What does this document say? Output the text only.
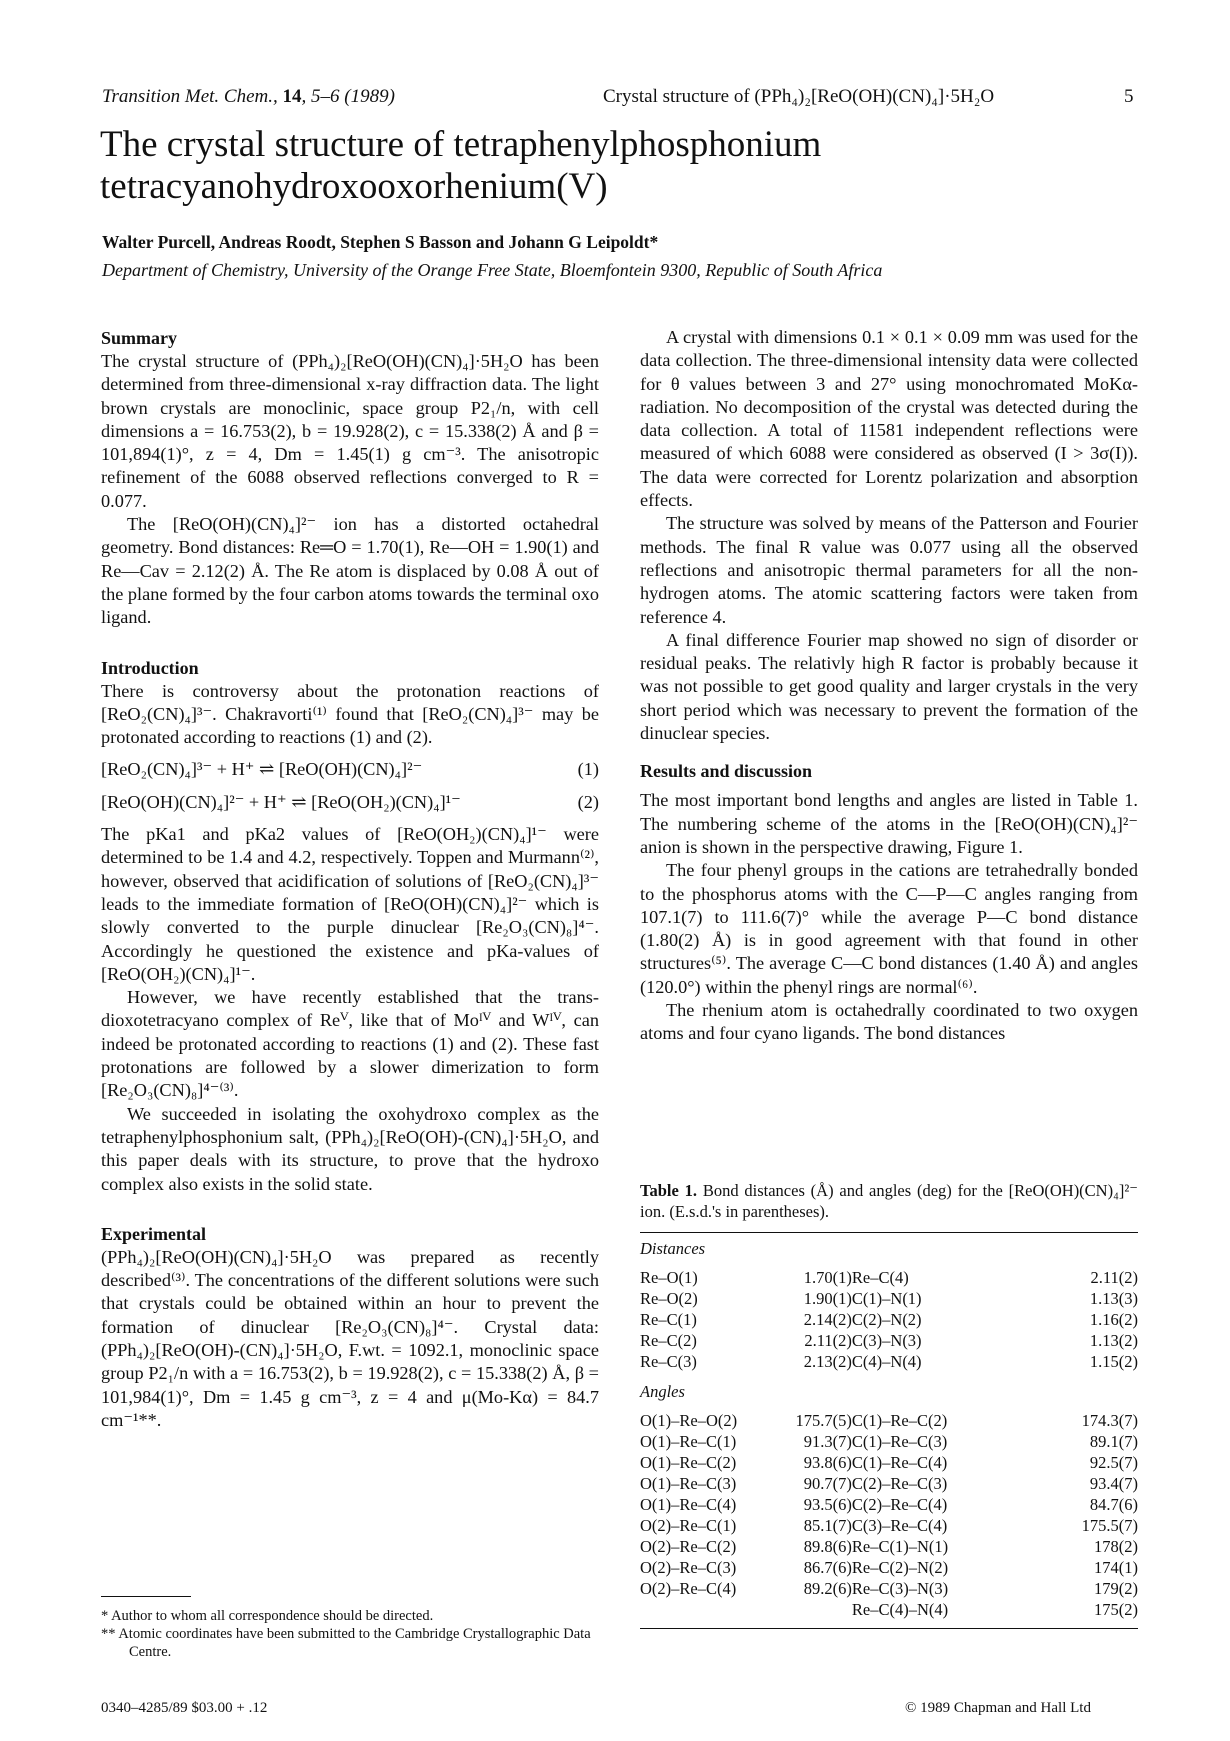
Transition Met. Chem., 14, 5–6 (1989)	Crystal structure of (PPh₄)₂[ReO(OH)(CN)₄]·5H₂O	5
The crystal structure of tetraphenylphosphonium tetracyanohydroxooxorhenium(V)
Walter Purcell, Andreas Roodt, Stephen S Basson and Johann G Leipoldt*
Department of Chemistry, University of the Orange Free State, Bloemfontein 9300, Republic of South Africa
Summary

The crystal structure of (PPh₄)₂[ReO(OH)(CN)₄]·5H₂O has been determined from three-dimensional x-ray diffraction data. The light brown crystals are monoclinic, space group P2₁/n, with cell dimensions a = 16.753(2), b = 19.928(2), c = 15.338(2) Å and β = 101,894(1)°, z = 4, Dm = 1.45(1) g cm⁻³. The anisotropic refinement of the 6088 observed reflections converged to R = 0.077.

The [ReO(OH)(CN)₄]²⁻ ion has a distorted octahedral geometry. Bond distances: Re═O = 1.70(1), Re—OH = 1.90(1) and Re—Cav = 2.12(2) Å. The Re atom is displaced by 0.08 Å out of the plane formed by the four carbon atoms towards the terminal oxo ligand.

Introduction

There is controversy about the protonation reactions of [ReO₂(CN)₄]³⁻. Chakravorti⁽¹⁾ found that [ReO₂(CN)₄]³⁻ may be protonated according to reactions (1) and (2).

[ReO₂(CN)₄]³⁻ + H⁺ ⇌ [ReO(OH)(CN)₄]²⁻	(1)
[ReO(OH)(CN)₄]²⁻ + H⁺ ⇌ [ReO(OH₂)(CN)₄]¹⁻	(2)

The pKa1 and pKa2 values of [ReO(OH₂)(CN)₄]¹⁻ were determined to be 1.4 and 4.2, respectively. Toppen and Murmann⁽²⁾, however, observed that acidification of solutions of [ReO₂(CN)₄]³⁻ leads to the immediate formation of [ReO(OH)(CN)₄]²⁻ which is slowly converted to the purple dinuclear [Re₂O₃(CN)₈]⁴⁻. Accordingly he questioned the existence and pKa-values of [ReO(OH₂)(CN)₄]¹⁻.

However, we have recently established that the trans-dioxotetracyano complex of Reⱽ, like that of Moᴵⱽ and Wᴵⱽ, can indeed be protonated according to reactions (1) and (2). These fast protonations are followed by a slower dimerization to form [Re₂O₃(CN)₈]⁴⁻⁽³⁾.

We succeeded in isolating the oxohydroxo complex as the tetraphenylphosphonium salt, (PPh₄)₂[ReO(OH)-(CN)₄]·5H₂O, and this paper deals with its structure, to prove that the hydroxo complex also exists in the solid state.

Experimental

(PPh₄)₂[ReO(OH)(CN)₄]·5H₂O was prepared as recently described⁽³⁾. The concentrations of the different solutions were such that crystals could be obtained within an hour to prevent the formation of dinuclear [Re₂O₃(CN)₈]⁴⁻. Crystal data: (PPh₄)₂[ReO(OH)-(CN)₄]·5H₂O, F.wt. = 1092.1, monoclinic space group P2₁/n with a = 16.753(2), b = 19.928(2), c = 15.338(2) Å, β = 101,984(1)°, Dm = 1.45 g cm⁻³, z = 4 and μ(Mo-Kα) = 84.7 cm⁻¹**.

A crystal with dimensions 0.1 × 0.1 × 0.09 mm was used for the data collection. The three-dimensional intensity data were collected for θ values between 3 and 27° using monochromated MoKα-radiation. No decomposition of the crystal was detected during the data collection. A total of 11581 independent reflections were measured of which 6088 were considered as observed (I > 3σ(I)). The data were corrected for Lorentz polarization and absorption effects.

The structure was solved by means of the Patterson and Fourier methods. The final R value was 0.077 using all the observed reflections and anisotropic thermal parameters for all the non-hydrogen atoms. The atomic scattering factors were taken from reference 4.

A final difference Fourier map showed no sign of disorder or residual peaks. The relativly high R factor is probably because it was not possible to get good quality and larger crystals in the very short period which was necessary to prevent the formation of the dinuclear species.

Results and discussion

The most important bond lengths and angles are listed in Table 1. The numbering scheme of the atoms in the [ReO(OH)(CN)₄]²⁻ anion is shown in the perspective drawing, Figure 1.

The four phenyl groups in the cations are tetrahedrally bonded to the phosphorus atoms with the C—P—C angles ranging from 107.1(7) to 111.6(7)° while the average P—C bond distance (1.80(2) Å) is in good agreement with that found in other structures⁽⁵⁾. The average C—C bond distances (1.40 Å) and angles (120.0°) within the phenyl rings are normal⁽⁶⁾.

The rhenium atom is octahedrally coordinated to two oxygen atoms and four cyano ligands. The bond distances

Table 1. Bond distances (Å) and angles (deg) for the [ReO(OH)(CN)₄]²⁻ ion. (E.s.d.'s in parentheses).
Distances
Re–O(1)	1.70(1)	Re–C(4)	2.11(2)
Re–O(2)	1.90(1)	C(1)–N(1)	1.13(3)
Re–C(1)	2.14(2)	C(2)–N(2)	1.16(2)
Re–C(2)	2.11(2)	C(3)–N(3)	1.13(2)
Re–C(3)	2.13(2)	C(4)–N(4)	1.15(2)
Angles
O(1)–Re–O(2)	175.7(5)	C(1)–Re–C(2)	174.3(7)
O(1)–Re–C(1)	91.3(7)	C(1)–Re–C(3)	89.1(7)
O(1)–Re–C(2)	93.8(6)	C(1)–Re–C(4)	92.5(7)
O(1)–Re–C(3)	90.7(7)	C(2)–Re–C(3)	93.4(7)
O(1)–Re–C(4)	93.5(6)	C(2)–Re–C(4)	84.7(6)
O(2)–Re–C(1)	85.1(7)	C(3)–Re–C(4)	175.5(7)
O(2)–Re–C(2)	89.8(6)	Re–C(1)–N(1)	178(2)
O(2)–Re–C(3)	86.7(6)	Re–C(2)–N(2)	174(1)
O(2)–Re–C(4)	89.2(6)	Re–C(3)–N(3)	179(2)
		Re–C(4)–N(4)	175(2)
* Author to whom all correspondence should be directed.
** Atomic coordinates have been submitted to the Cambridge Crystallographic Data Centre.
0340–4285/89 $03.00 + .12	© 1989 Chapman and Hall Ltd
